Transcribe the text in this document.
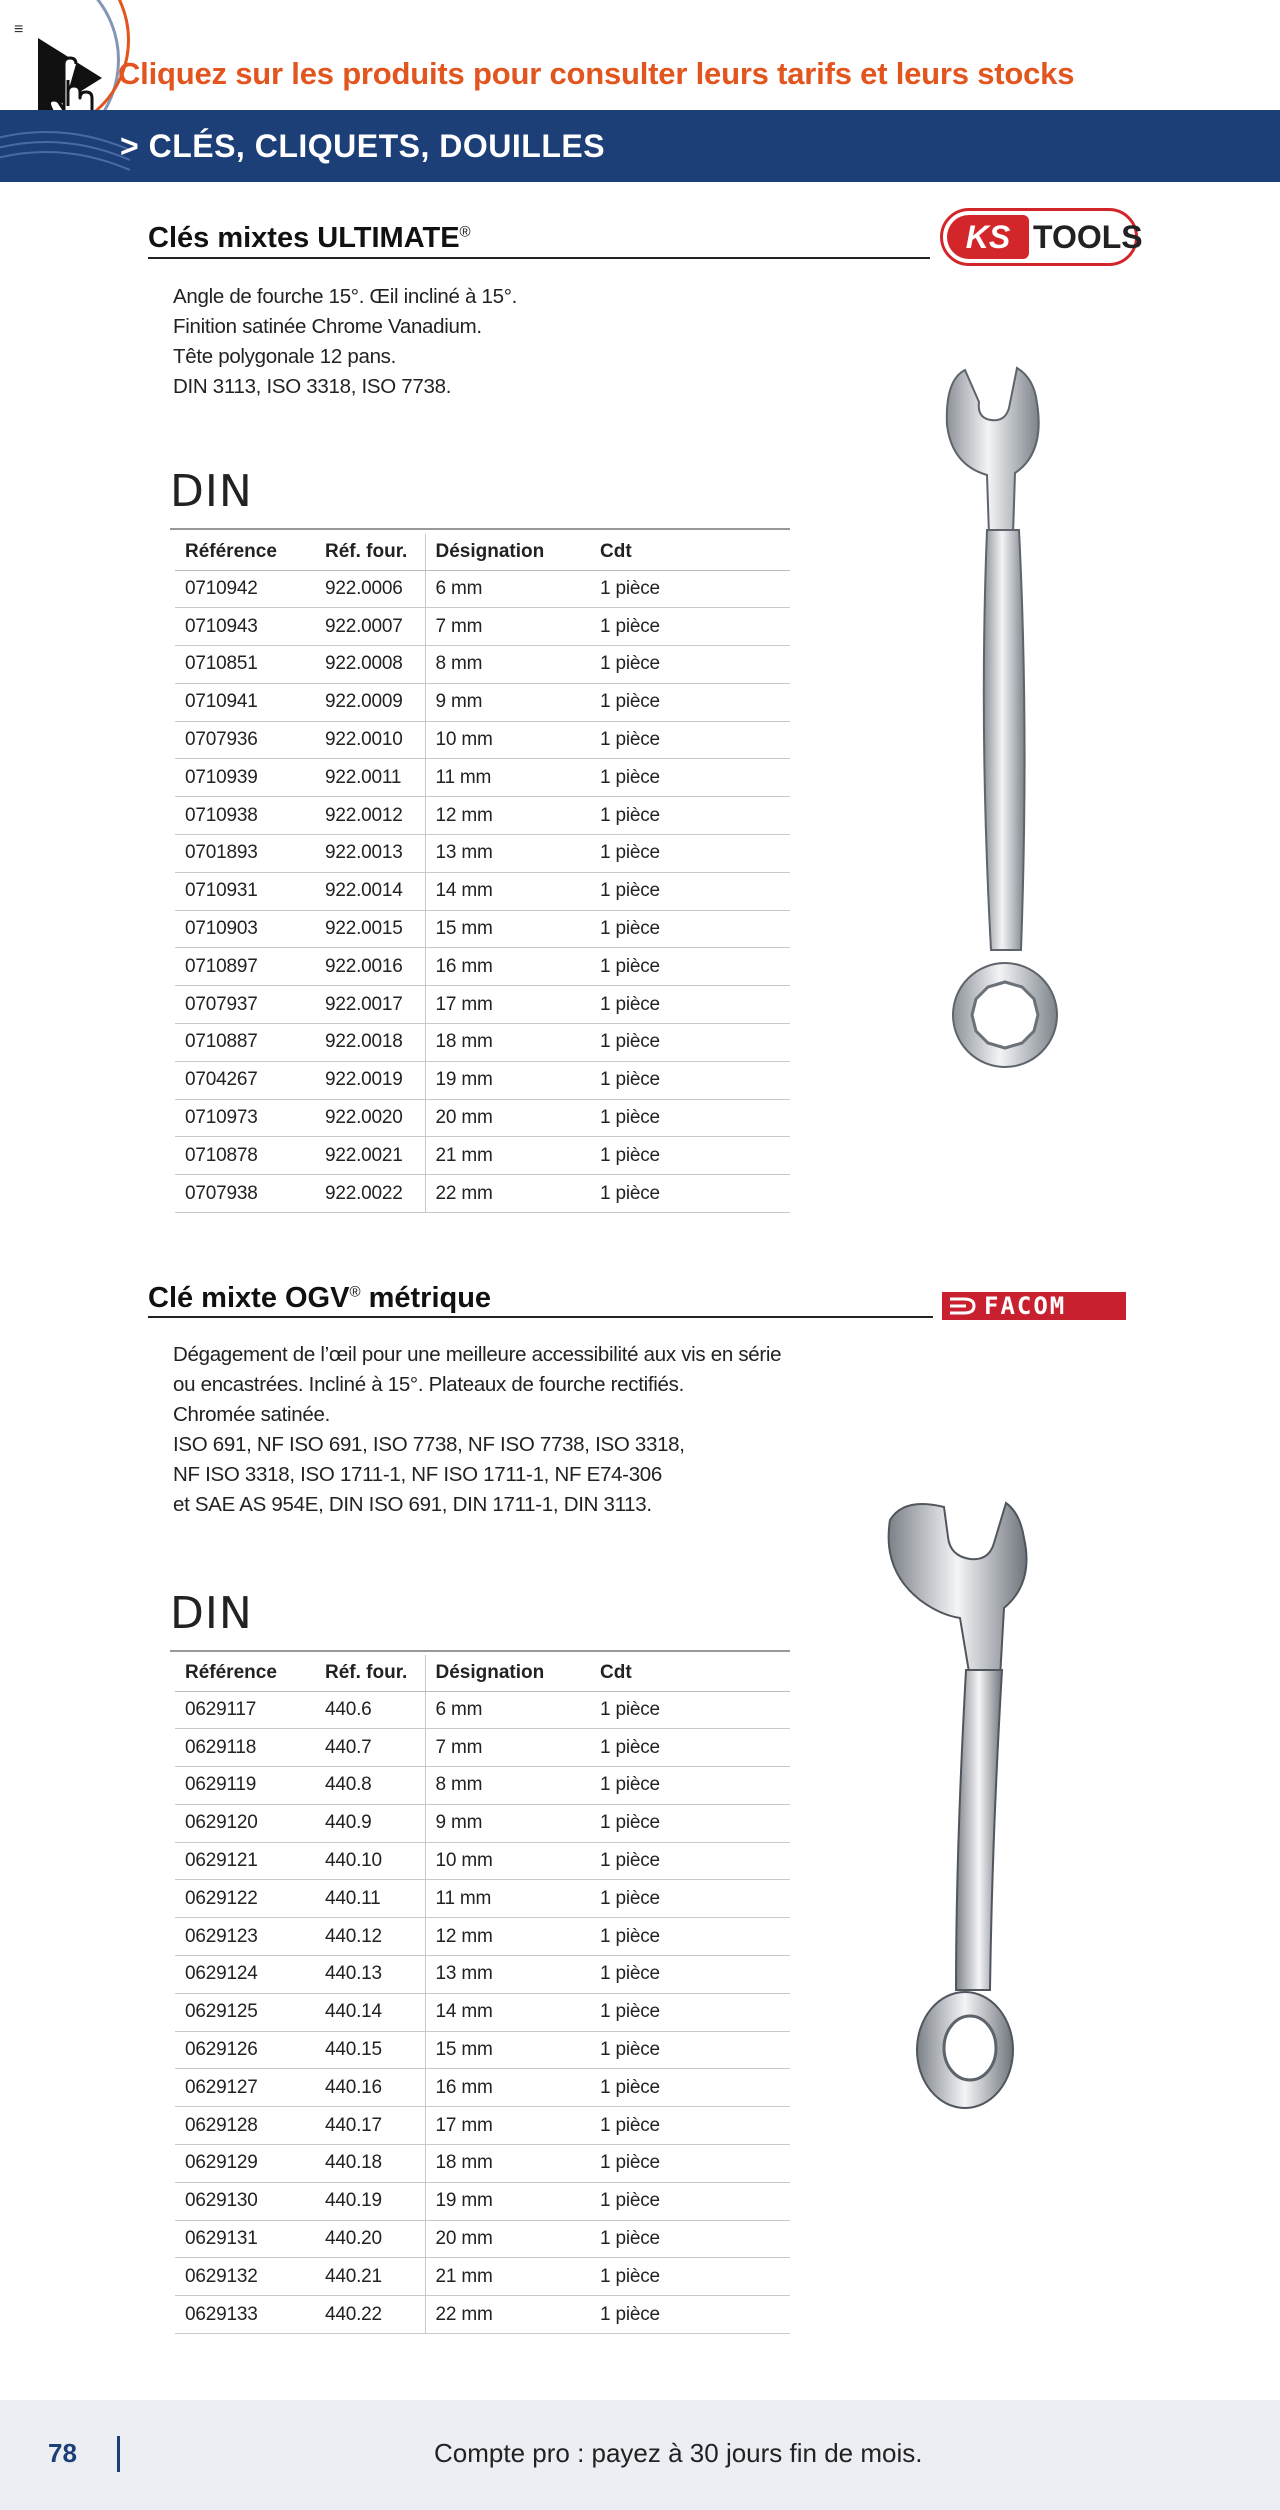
≡
Cliquez sur les produits pour consulter leurs tarifs et leurs stocks
> CLÉS, CLIQUETS, DOUILLES
Clés mixtes ULTIMATE®	KS TOOLS
Angle de fourche 15°. Œil incliné à 15°.
Finition satinée Chrome Vanadium.
Tête polygonale 12 pans.
DIN 3113, ISO 3318, ISO 7738.
DIN
Référence	Réf. four.	Désignation	Cdt
0710942	922.0006	6 mm	1 pièce
0710943	922.0007	7 mm	1 pièce
0710851	922.0008	8 mm	1 pièce
0710941	922.0009	9 mm	1 pièce
0707936	922.0010	10 mm	1 pièce
0710939	922.0011	11 mm	1 pièce
0710938	922.0012	12 mm	1 pièce
0701893	922.0013	13 mm	1 pièce
0710931	922.0014	14 mm	1 pièce
0710903	922.0015	15 mm	1 pièce
0710897	922.0016	16 mm	1 pièce
0707937	922.0017	17 mm	1 pièce
0710887	922.0018	18 mm	1 pièce
0704267	922.0019	19 mm	1 pièce
0710973	922.0020	20 mm	1 pièce
0710878	922.0021	21 mm	1 pièce
0707938	922.0022	22 mm	1 pièce
Clé mixte OGV® métrique	FACOM
Dégagement de l’œil pour une meilleure accessibilité aux vis en série
ou encastrées. Incliné à 15°. Plateaux de fourche rectifiés.
Chromée satinée.
ISO 691, NF ISO 691, ISO 7738, NF ISO 7738, ISO 3318,
NF ISO 3318, ISO 1711-1, NF ISO 1711-1, NF E74-306
et SAE AS 954E, DIN ISO 691, DIN 1711-1, DIN 3113.
DIN
Référence	Réf. four.	Désignation	Cdt
0629117	440.6	6 mm	1 pièce
0629118	440.7	7 mm	1 pièce
0629119	440.8	8 mm	1 pièce
0629120	440.9	9 mm	1 pièce
0629121	440.10	10 mm	1 pièce
0629122	440.11	11 mm	1 pièce
0629123	440.12	12 mm	1 pièce
0629124	440.13	13 mm	1 pièce
0629125	440.14	14 mm	1 pièce
0629126	440.15	15 mm	1 pièce
0629127	440.16	16 mm	1 pièce
0629128	440.17	17 mm	1 pièce
0629129	440.18	18 mm	1 pièce
0629130	440.19	19 mm	1 pièce
0629131	440.20	20 mm	1 pièce
0629132	440.21	21 mm	1 pièce
0629133	440.22	22 mm	1 pièce
78	Compte pro : payez à 30 jours fin de mois.
